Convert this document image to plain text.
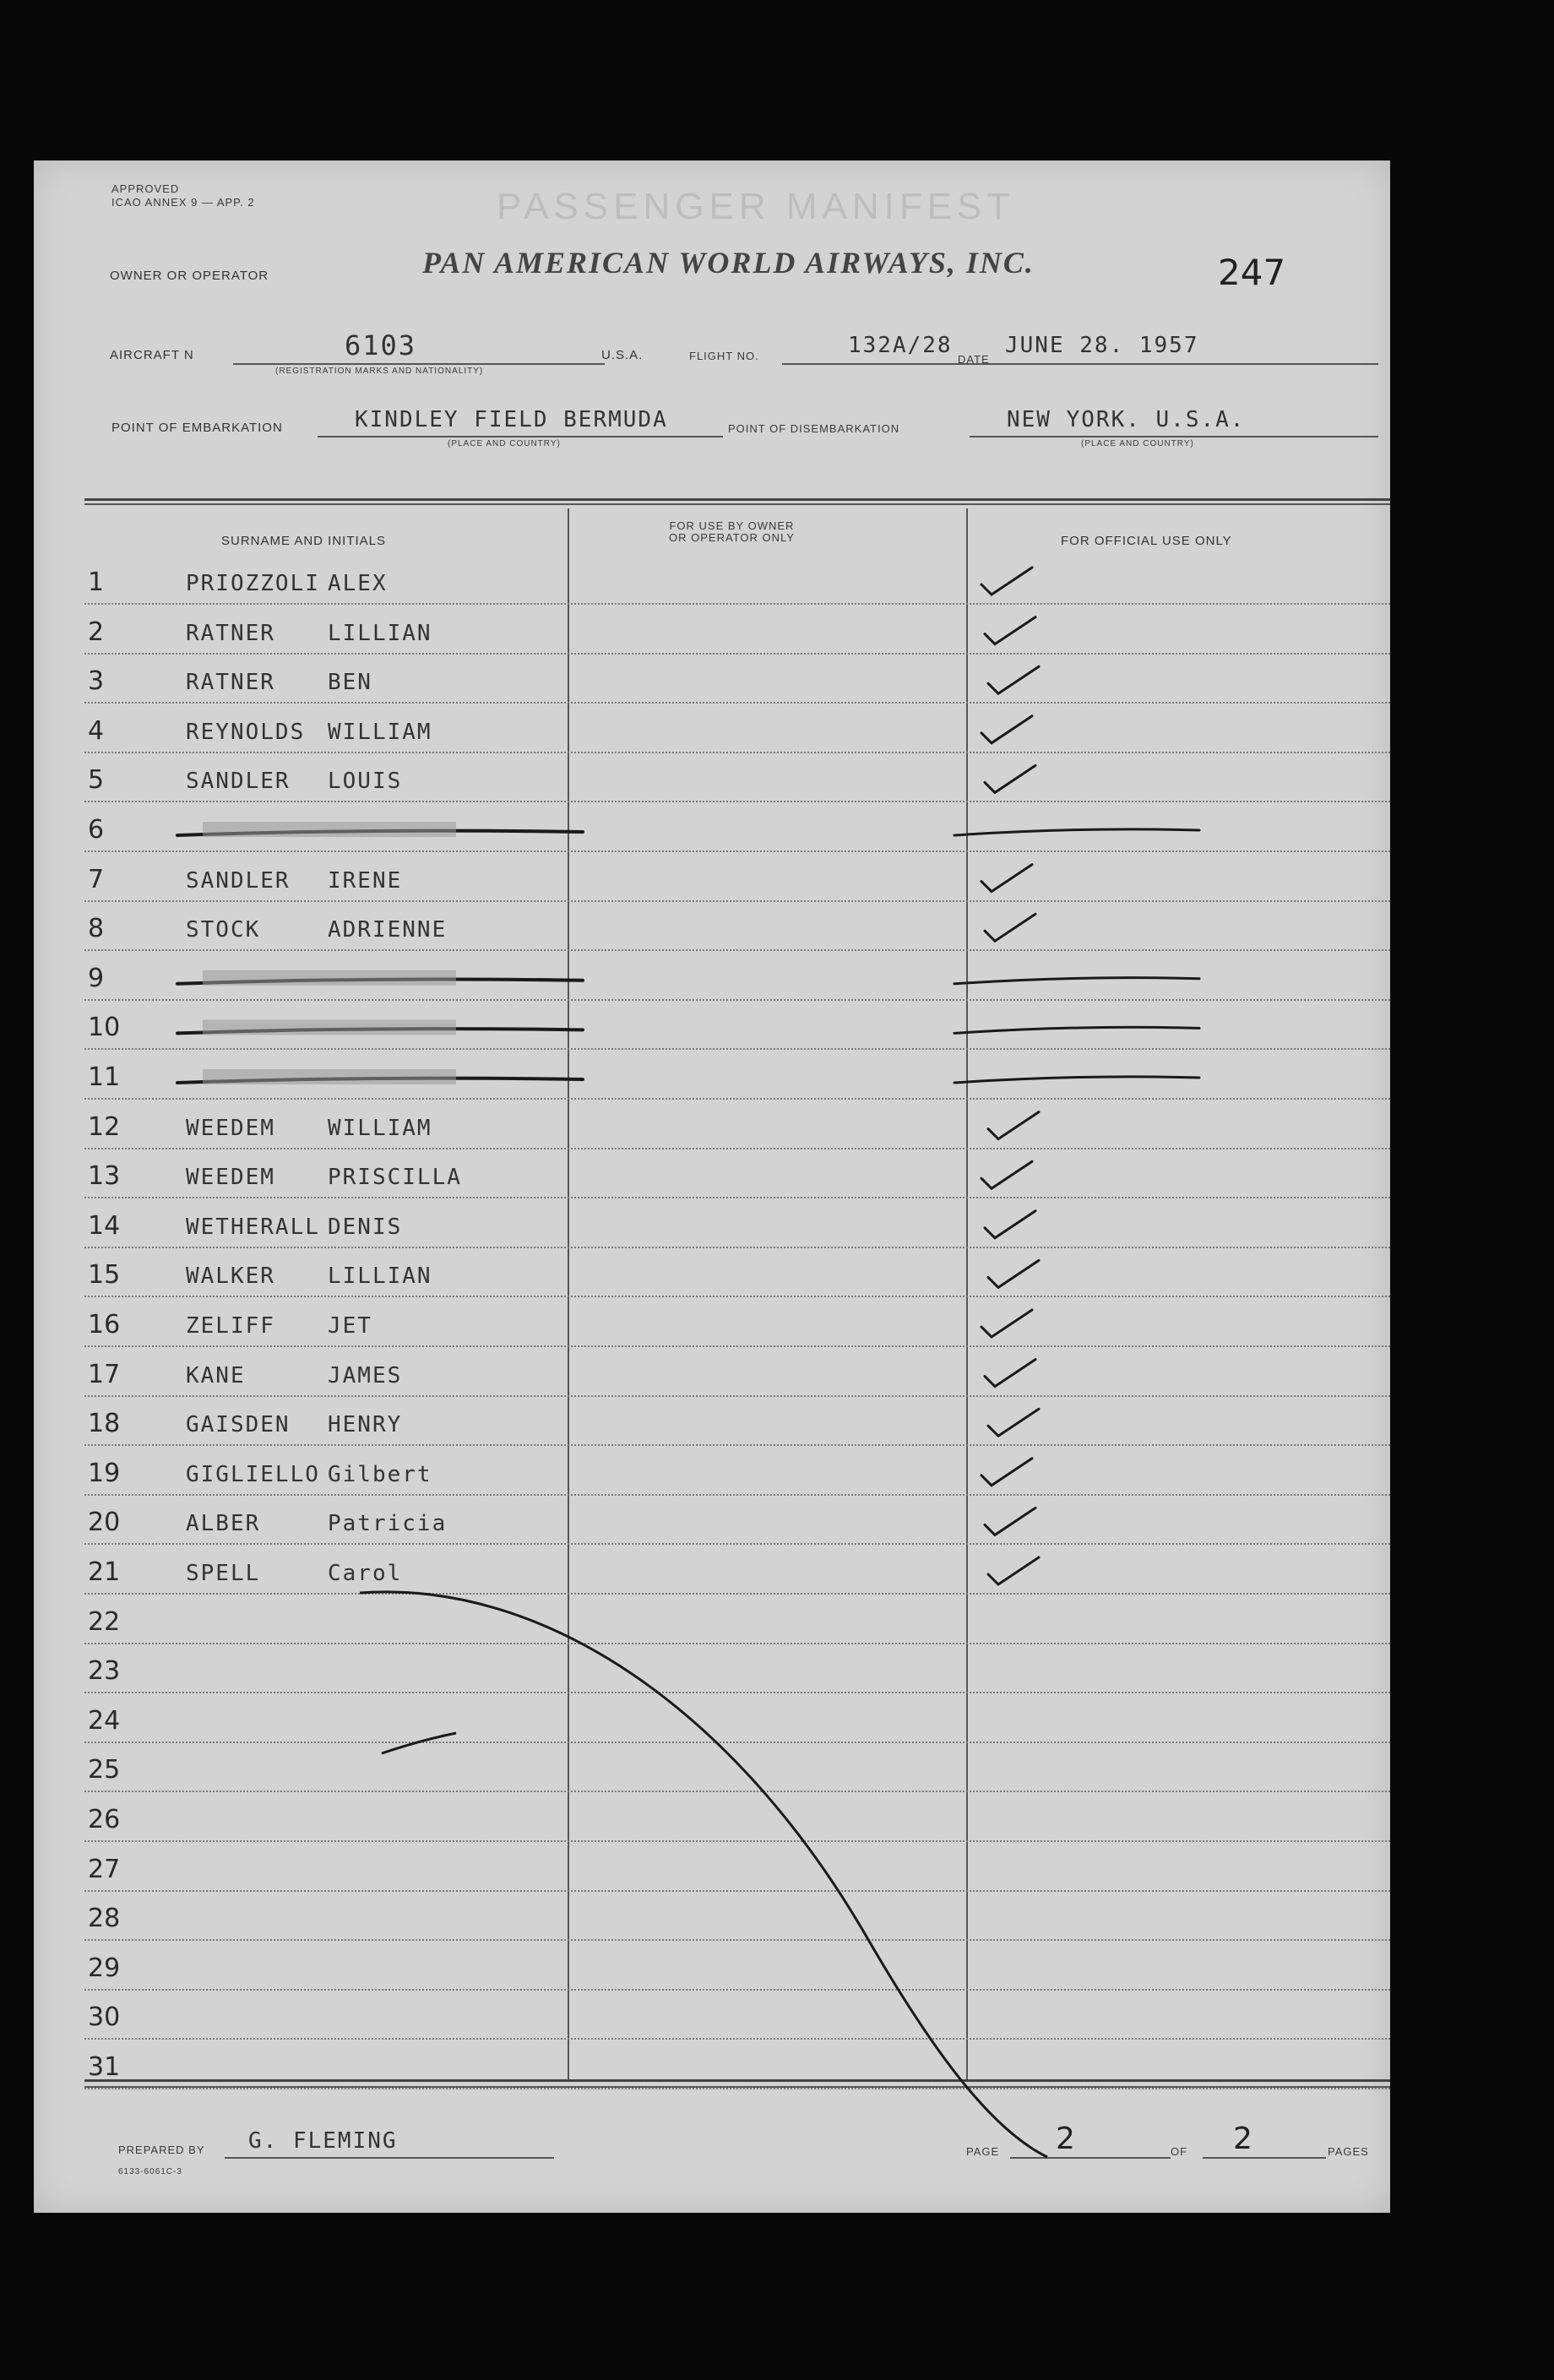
APPROVED
ICAO ANNEX 9 — APP. 2	PASSENGER MANIFEST
OWNER OR OPERATOR	PAN AMERICAN WORLD AIRWAYS, INC.	247
AIRCRAFT N	6103
(REGISTRATION MARKS AND NATIONALITY)
U.S.A.	FLIGHT NO.	132A/28
DATE
JUNE 28. 1957
POINT OF EMBARKATION	KINDLEY FIELD BERMUDA
(PLACE AND COUNTRY)
POINT OF DISEMBARKATION	NEW YORK. U.S.A.
(PLACE AND COUNTRY)
SURNAME AND INITIALS
FOR USE BY OWNER
OR OPERATOR ONLY	FOR OFFICIAL USE ONLY
1	PRIOZZOLI ALEX
2	RATNER LILLIAN
3	RATNER BEN
4	REYNOLDS WILLIAM
5	SANDLER LOUIS
6
7	SANDLER IRENE
8	STOCK	ADRIENNE
9
10
11
12	WEEDEM WILLIAM
13	WEEDEM PRISCILLA
14	WETHERALL DENIS
15	WALKER LILLIAN
16	ZELIFF JET
17	KANE	JAMES
18	GAISDEN HENRY
19	GIGLIELLO Gilbert
20	ALBER	Patricia
21	SPELL	Carol
22
23
24
25
26
27
28
29
30
31
PREPARED BY G. FLEMING
6133-6061C-3
PAGE 2	OF 2	PAGES
